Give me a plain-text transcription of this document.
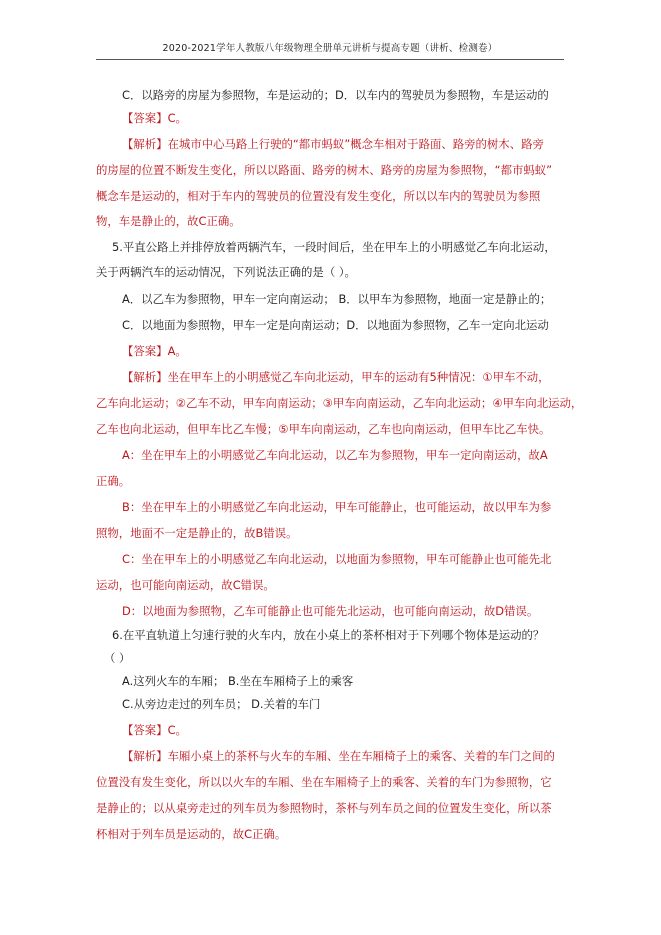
2020-2021学年人教版八年级物理全册单元讲析与提高专题（讲析、检测卷）
C．以路旁的房屋为参照物，车是运动的；D．以车内的驾驶员为参照物，车是运动的
【答案】C。
【解析】在城市中心马路上行驶的“都市蚂蚁”概念车相对于路面、路旁的树木、路旁
的房屋的位置不断发生变化，所以以路面、路旁的树木、路旁的房屋为参照物，“都市蚂蚁”
概念车是运动的，相对于车内的驾驶员的位置没有发生变化，所以以车内的驾驶员为参照
物，车是静止的，故C正确。
5.平直公路上并排停放着两辆汽车，一段时间后，坐在甲车上的小明感觉乙车向北运动，
关于两辆汽车的运动情况，下列说法正确的是（ ）。
A．以乙车为参照物，甲车一定向南运动； B．以甲车为参照物，地面一定是静止的；
C．以地面为参照物，甲车一定是向南运动；D．以地面为参照物，乙车一定向北运动
【答案】A。
【解析】坐在甲车上的小明感觉乙车向北运动，甲车的运动有5种情况：①甲车不动，
乙车向北运动；②乙车不动，甲车向南运动；③甲车向南运动，乙车向北运动；④甲车向北运动，
乙车也向北运动，但甲车比乙车慢；⑤甲车向南运动，乙车也向南运动，但甲车比乙车快。
A：坐在甲车上的小明感觉乙车向北运动，以乙车为参照物，甲车一定向南运动，故A
正确。
B：坐在甲车上的小明感觉乙车向北运动，甲车可能静止，也可能运动，故以甲车为参
照物，地面不一定是静止的，故B错误。
C：坐在甲车上的小明感觉乙车向北运动，以地面为参照物，甲车可能静止也可能先北
运动，也可能向南运动，故C错误。
D：以地面为参照物，乙车可能静止也可能先北运动，也可能向南运动，故D错误。
6.在平直轨道上匀速行驶的火车内，放在小桌上的茶杯相对于下列哪个物体是运动的？
（ ）
A.这列火车的车厢； B.坐在车厢椅子上的乘客
C.从旁边走过的列车员； D.关着的车门
【答案】C。
【解析】车厢小桌上的茶杯与火车的车厢、坐在车厢椅子上的乘客、关着的车门之间的
位置没有发生变化，所以以火车的车厢、坐在车厢椅子上的乘客、关着的车门为参照物，它
是静止的；以从桌旁走过的列车员为参照物时，茶杯与列车员之间的位置发生变化，所以茶
杯相对于列车员是运动的，故C正确。
